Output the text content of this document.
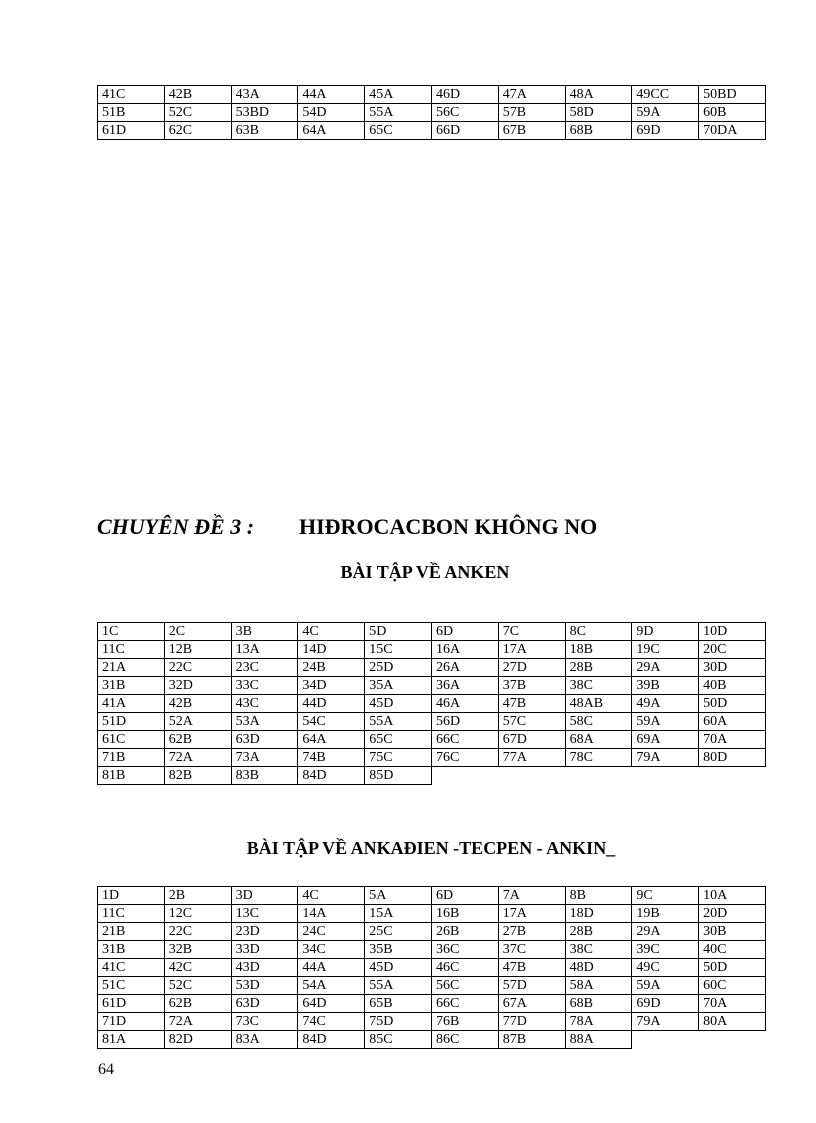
41C	42B	43A	44A	45A	46D	47A	48A	49CC	50BD
51B	52C	53BD	54D	55A	56C	57B	58D	59A	60B
61D	62C	63B	64A	65C	66D	67B	68B	69D	70DA
CHUYÊN ĐỀ 3 : HIĐROCACBON KHÔNG NO
BÀI TẬP VỀ ANKEN
1C	2C	3B	4C	5D	6D	7C	8C	9D	10D
11C	12B	13A	14D	15C	16A	17A	18B	19C	20C
21A	22C	23C	24B	25D	26A	27D	28B	29A	30D
31B	32D	33C	34D	35A	36A	37B	38C	39B	40B
41A	42B	43C	44D	45D	46A	47B	48AB	49A	50D
51D	52A	53A	54C	55A	56D	57C	58C	59A	60A
61C	62B	63D	64A	65C	66C	67D	68A	69A	70A
71B	72A	73A	74B	75C	76C	77A	78C	79A	80D
81B	82B	83B	84D	85D					
BÀI TẬP VỀ ANKAĐIEN -TECPEN - ANKIN_
1D	2B	3D	4C	5A	6D	7A	8B	9C	10A
11C	12C	13C	14A	15A	16B	17A	18D	19B	20D
21B	22C	23D	24C	25C	26B	27B	28B	29A	30B
31B	32B	33D	34C	35B	36C	37C	38C	39C	40C
41C	42C	43D	44A	45D	46C	47B	48D	49C	50D
51C	52C	53D	54A	55A	56C	57D	58A	59A	60C
61D	62B	63D	64D	65B	66C	67A	68B	69D	70A
71D	72A	73C	74C	75D	76B	77D	78A	79A	80A
81A	82D	83A	84D	85C	86C	87B	88A		
64
